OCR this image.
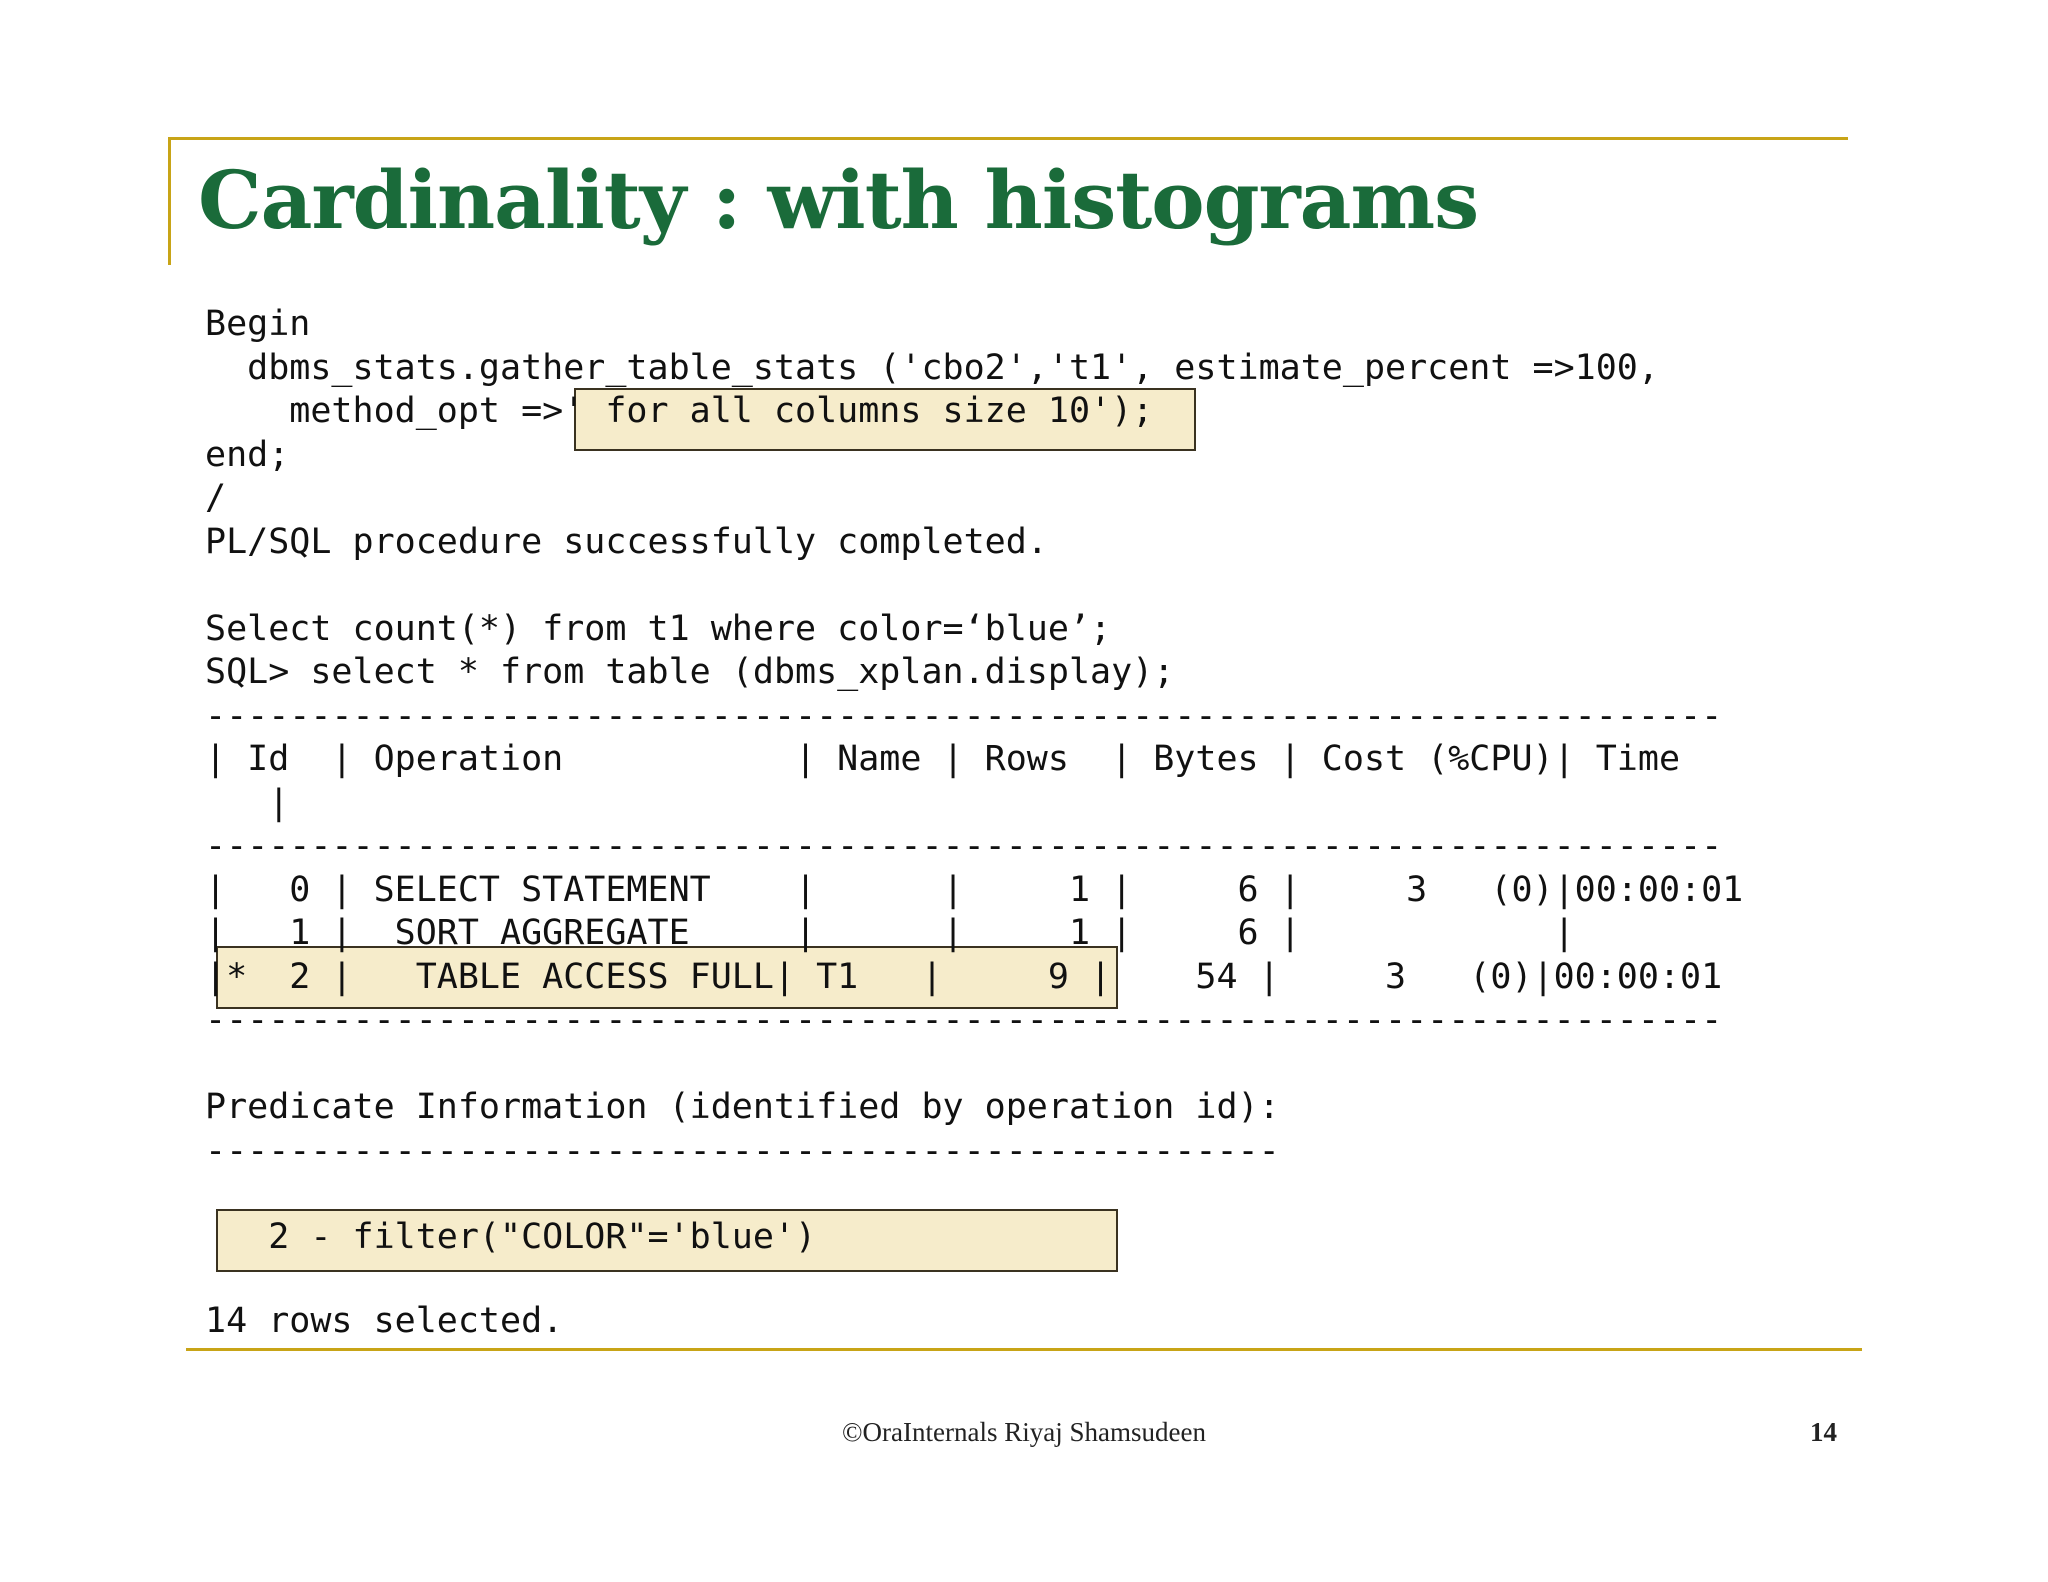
Cardinality : with histograms
Begin
dbms_stats.gather_table_stats ('cbo2','t1', estimate_percent =>100,
method_opt =>' for all columns size 10');
end;
/
PL/SQL procedure successfully completed.

Select count(*) from t1 where color=‘blue’;
SQL> select * from table (dbms_xplan.display);
------------------------------------------------------------------------
| Id  | Operation           | Name | Rows  | Bytes | Cost (%CPU)| Time
|
------------------------------------------------------------------------
|   0 | SELECT STATEMENT    |      |     1 |     6 |     3   (0)|00:00:01
|   1 |  SORT AGGREGATE     |      |     1 |     6 |            |
|*  2 |   TABLE ACCESS FULL| T1   |     9 |    54 |     3   (0)|00:00:01
------------------------------------------------------------------------

Predicate Information (identified by operation id):
---------------------------------------------------

2 - filter("COLOR"='blue')
14 rows selected.
©OraInternals Riyaj Shamsudeen	14
